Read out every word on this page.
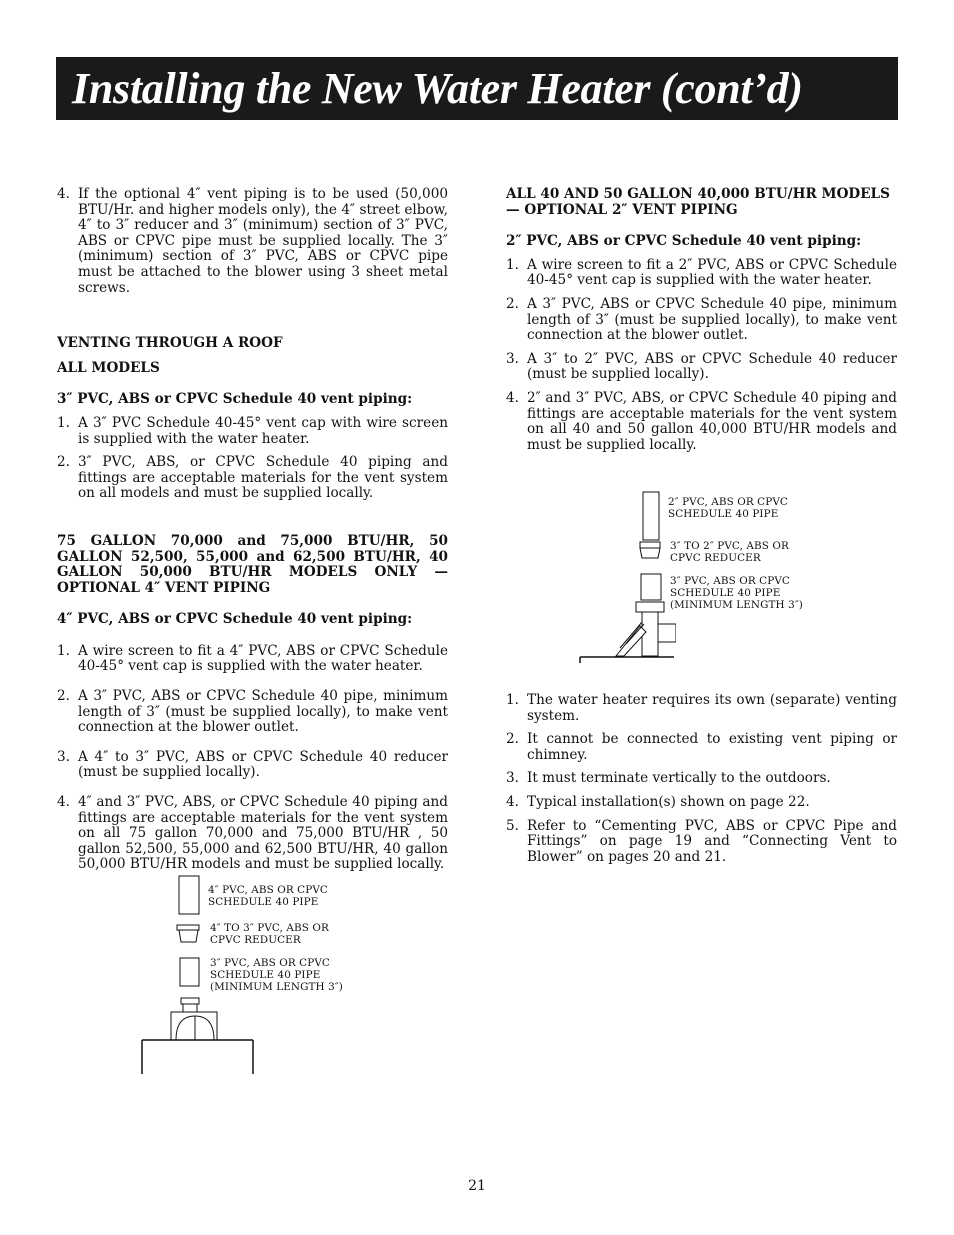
Installing the New Water Heater (cont’d)
4. If the optional 4″ vent piping is to be used (50,000 BTU/Hr. and higher models only), the 4″ street elbow, 4″ to 3″ reducer and 3″ (minimum) section of 3″ PVC, ABS or CPVC pipe must be supplied locally. The 3″ (minimum) section of 3″ PVC, ABS or CPVC pipe must be attached to the blower using 3 sheet metal screws.

VENTING THROUGH A ROOF

ALL MODELS

3″ PVC, ABS or CPVC Schedule 40 vent piping:

1. A 3″ PVC Schedule 40-45° vent cap with wire screen is supplied with the water heater.
2. 3″ PVC, ABS, or CPVC Schedule 40 piping and fittings are acceptable materials for the vent system on all models and must be supplied locally.

75 GALLON 70,000 and 75,000 BTU/HR, 50 GALLON 52,500, 55,000 and 62,500 BTU/HR, 40 GALLON 50,000 BTU/HR MODELS ONLY — OPTIONAL 4″ VENT PIPING

4″ PVC, ABS or CPVC Schedule 40 vent piping:

1. A wire screen to fit a 4″ PVC, ABS or CPVC Schedule 40-45° vent cap is supplied with the water heater.
2. A 3″ PVC, ABS or CPVC Schedule 40 pipe, minimum length of 3″ (must be supplied locally), to make vent connection at the blower outlet.
3. A 4″ to 3″ PVC, ABS or CPVC Schedule 40 reducer (must be supplied locally).
4. 4″ and 3″ PVC, ABS, or CPVC Schedule 40 piping and fittings are acceptable materials for the vent system on all 75 gallon 70,000 and 75,000 BTU/HR , 50 gallon 52,500, 55,000 and 62,500 BTU/HR, 40 gallon 50,000 BTU/HR models and must be supplied locally.
4″ PVC, ABS OR CPVC
SCHEDULE 40 PIPE
4″ TO 3″ PVC, ABS OR
CPVC REDUCER
3″ PVC, ABS OR CPVC
SCHEDULE 40 PIPE
(MINIMUM LENGTH 3″)

ALL 40 AND 50 GALLON 40,000 BTU/HR MODELS — OPTIONAL 2″ VENT PIPING

2″ PVC, ABS or CPVC Schedule 40 vent piping:

1. A wire screen to fit a 2″ PVC, ABS or CPVC Schedule 40-45° vent cap is supplied with the water heater.
2. A 3″ PVC, ABS or CPVC Schedule 40 pipe, minimum length of 3″ (must be supplied locally), to make vent connection at the blower outlet.
3. A 3″ to 2″ PVC, ABS or CPVC Schedule 40 reducer (must be supplied locally).
4. 2″ and 3″ PVC, ABS, or CPVC Schedule 40 piping and fittings are acceptable materials for the vent system on all 40 and 50 gallon 40,000 BTU/HR models and must be supplied locally.
2″ PVC, ABS OR CPVC
SCHEDULE 40 PIPE
3″ TO 2″ PVC, ABS OR
CPVC REDUCER
3″ PVC, ABS OR CPVC
SCHEDULE 40 PIPE
(MINIMUM LENGTH 3″)
1. The water heater requires its own (separate) venting system.
2. It cannot be connected to existing vent piping or chimney.
3. It must terminate vertically to the outdoors.
4. Typical installation(s) shown on page 22.
5. Refer to “Cementing PVC, ABS or CPVC Pipe and Fittings” on page 19 and “Connecting Vent to Blower” on pages 20 and 21.
21
